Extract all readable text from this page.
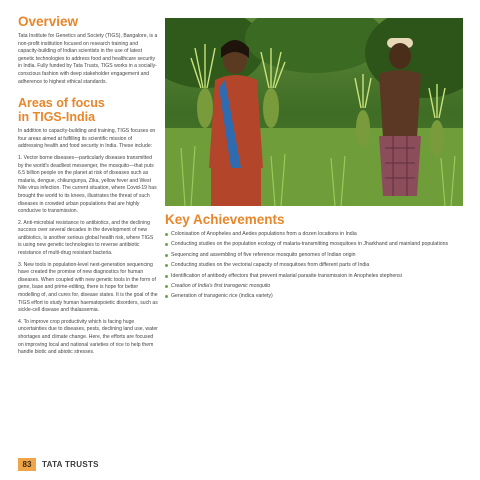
Overview

Tata Institute for Genetics and Society (TIGS), Bangalore, is a non-profit institution focused on research training and capacity-building of Indian scientists in the use of latest genetic technologies to address food and healthcare security in India. Fully funded by Tata Trusts, TIGS works in a socially-conscious fashion with deep stakeholder engagement and adherence to highest ethical standards.

Areas of focus
in TIGS-India

In addition to capacity-building and training, TIGS focuses on four areas aimed at fulfilling its scientific mission of addressing health and food security in India. These include:

1. Vector borne diseases—particularly diseases transmitted by the world's deadliest messenger, the mosquito—that puts 6.5 billion people on the planet at risk of diseases such as malaria, dengue, chikungunya, Zika, yellow fever and West Nile virus infection. The current situation, where Covid-19 has brought the world to its knees, illustrates the threat of such diseases in crowded urban populations that are highly conducive to transmission.

2. Anti-microbial resistance to antibiotics, and the declining success over several decades in the development of new antibiotics, is another serious global health risk, where TIGS is using new genetic technologies to reverse antibiotic resistance of multi-drug resistant bacteria.

3. New tools in population-level next-generation sequencing have created the promise of new diagnostics for human diseases. When coupled with new genetic tools in the form of gene, base and prime-editing, there is hope for better modelling of, and cures for, disease states. It is the goal of the TIGS effort to study human haematopoietic disorders, such as sickle-cell disease and thalassemia.

4. To improve crop productivity which is facing huge uncertainties due to diseases, pests, declining land use, water shortages and climate change. Here, the efforts are focused on improving local and national varieties of rice to help them handle biotic and abiotic stresses.

Key Achievements
Colonisation of Anopheles and Aedes populations from a dozen locations in India
Conducting studies on the population ecology of malaria-transmitting mosquitoes in Jharkhand and mainland populations
Sequencing and assembling of five reference mosquito genomes of Indian origin
Conducting studies on the vectorial capacity of mosquitoes from different parts of India
Identification of antibody effectors that prevent malarial parasite transmission in Anopheles stephensi
Creation of India's first transgenic mosquito
Generation of transgenic rice (indica variety)
83	TATA TRUSTS
